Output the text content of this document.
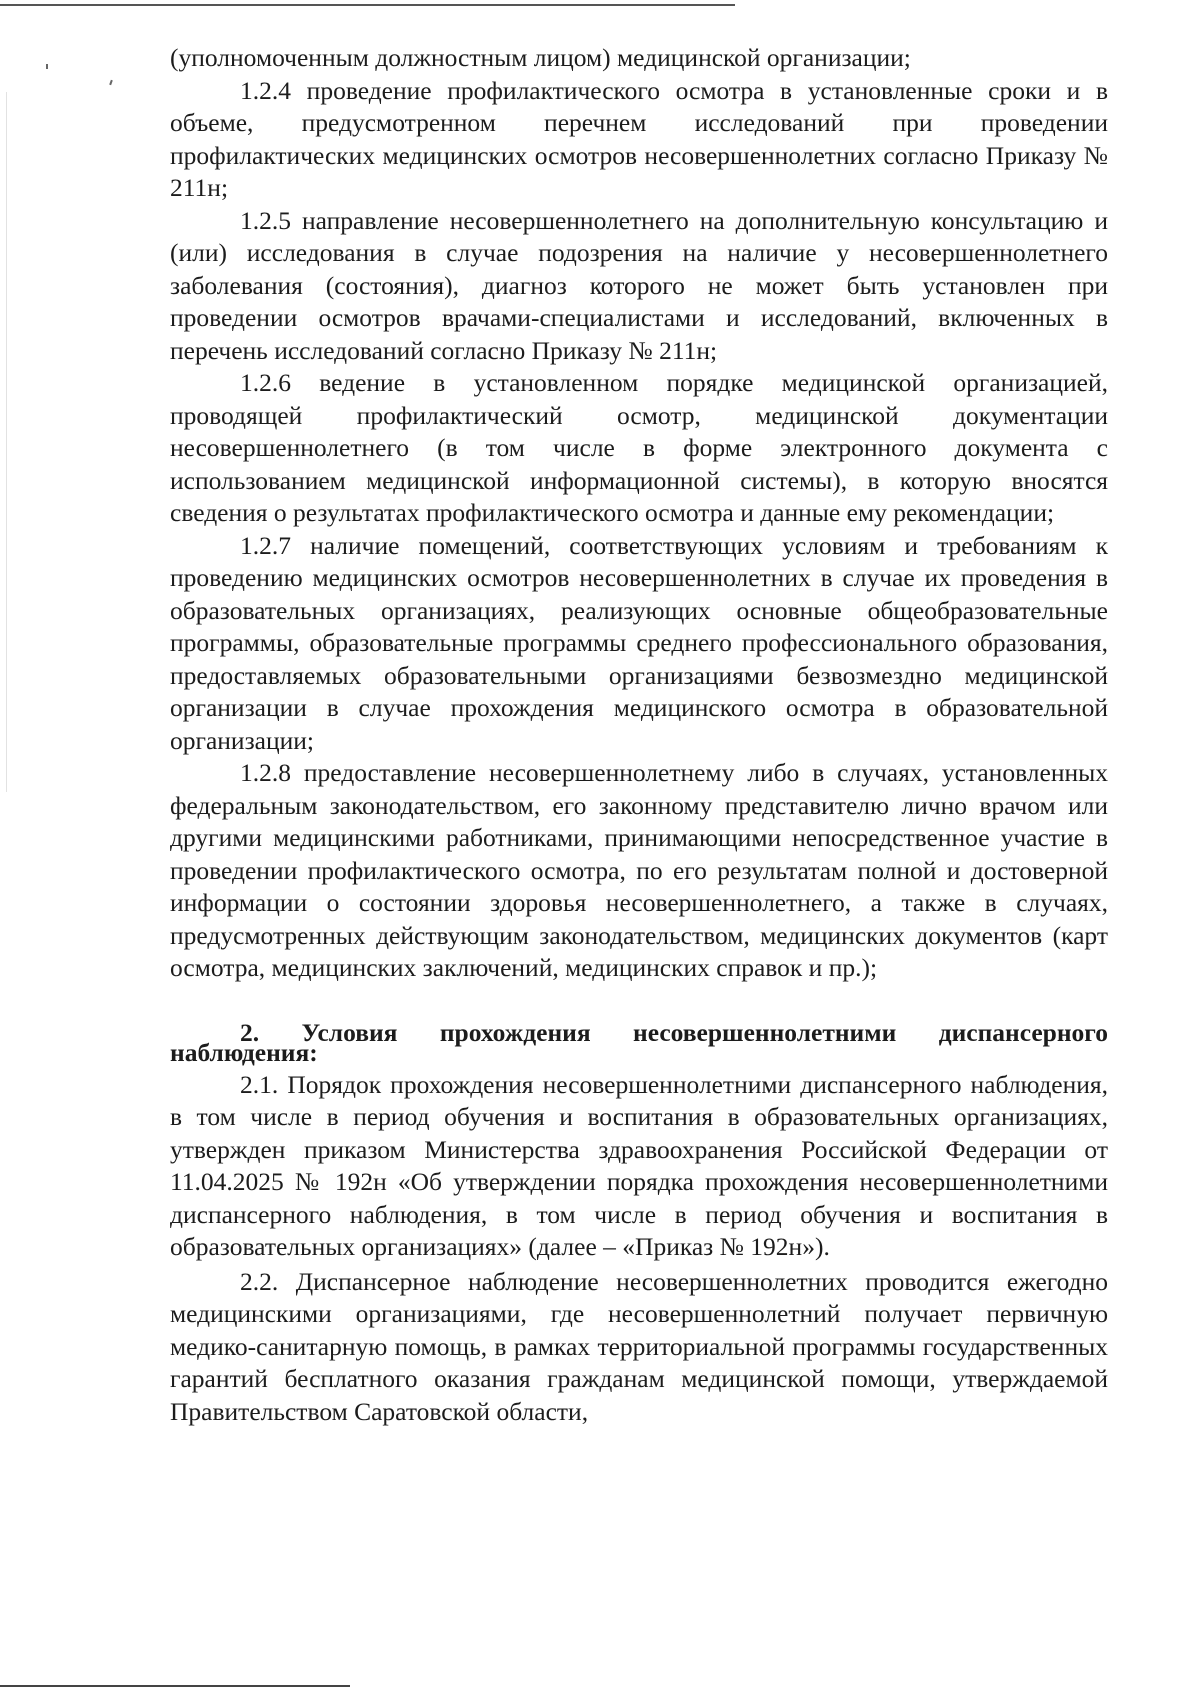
(уполномоченным должностным лицом) медицинской организации;

1.2.4 проведение профилактического осмотра в установленные сроки и в объеме, предусмотренном перечнем исследований при проведении профилактических медицинских осмотров несовершеннолетних согласно Приказу № 211н;

1.2.5 направление несовершеннолетнего на дополнительную консультацию и (или) исследования в случае подозрения на наличие у несовершеннолетнего заболевания (состояния), диагноз которого не может быть установлен при проведении осмотров врачами-специалистами и исследований, включенных в перечень исследований согласно Приказу № 211н;

1.2.6 ведение в установленном порядке медицинской организацией, проводящей профилактический осмотр, медицинской документации несовершеннолетнего (в том числе в форме электронного документа с использованием медицинской информационной системы), в которую вносятся сведения о результатах профилактического осмотра и данные ему рекомендации;

1.2.7 наличие помещений, соответствующих условиям и требованиям к проведению медицинских осмотров несовершеннолетних в случае их проведения в образовательных организациях, реализующих основные общеобразовательные программы, образовательные программы среднего профессионального образования, предоставляемых образовательными организациями безвозмездно медицинской организации в случае прохождения медицинского осмотра в образовательной организации;

1.2.8 предоставление несовершеннолетнему либо в случаях, установленных федеральным законодательством, его законному представителю лично врачом или другими медицинскими работниками, принимающими непосредственное участие в проведении профилактического осмотра, по его результатам полной и достоверной информации о состоянии здоровья несовершеннолетнего, а также в случаях, предусмотренных действующим законодательством, медицинских документов (карт осмотра, медицинских заключений, медицинских справок и пр.);

2. Условия прохождения несовершеннолетними диспансерного наблюдения:

2.1. Порядок прохождения несовершеннолетними диспансерного наблюдения, в том числе в период обучения и воспитания в образовательных организациях, утвержден приказом Министерства здравоохранения Российской Федерации от 11.04.2025 № 192н «Об утверждении порядка прохождения несовершеннолетними диспансерного наблюдения, в том числе в период обучения и воспитания в образовательных организациях» (далее – «Приказ № 192н»).

2.2. Диспансерное наблюдение несовершеннолетних проводится ежегодно медицинскими организациями, где несовершеннолетний получает первичную медико-санитарную помощь, в рамках территориальной программы государственных гарантий бесплатного оказания гражданам медицинской помощи, утверждаемой Правительством Саратовской области,
